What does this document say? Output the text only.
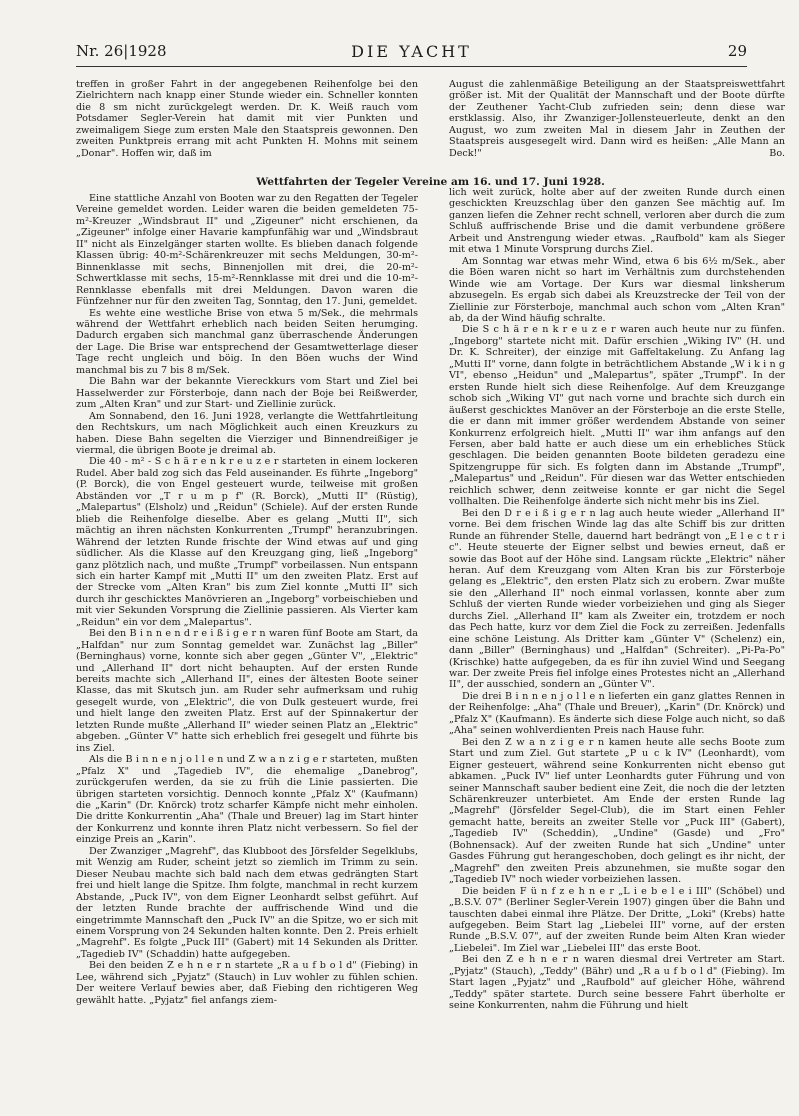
Nr. 26|1928	DIE YACHT	29

treffen in großer Fahrt in der angegebenen Reihenfolge bei den Zielrichtern nach knapp einer Stunde wieder ein. Schneller konnten die 8 sm nicht zurückgelegt werden. Dr. K. Weiß rauch vom Potsdamer Segler-Verein hat damit mit vier Punkten und zweimaligem Siege zum ersten Male den Staatspreis gewonnen. Den zweiten Punktpreis errang mit acht Punkten H. Mohns mit seinem „Donar". Hoffen wir, daß im

August die zahlenmäßige Beteiligung an der Staatspreiswettfahrt größer ist. Mit der Qualität der Mannschaft und der Boote dürfte der Zeuthener Yacht-Club zufrieden sein; denn diese war erstklassig. Also, ihr Zwanziger-Jollensteuerleute, denkt an den August, wo zum zweiten Mal in diesem Jahr in Zeuthen der Staatspreis ausgesegelt wird. Dann wird es heißen: „Alle Mann an Deck!"	Bo.

Wettfahrten der Tegeler Vereine am 16. und 17. Juni 1928.

Eine stattliche Anzahl von Booten war zu den Regatten der Tegeler Vereine gemeldet worden. Leider waren die beiden gemeldeten 75-m²-Kreuzer „Windsbraut II" und „Zigeuner" nicht erschienen, da „Zigeuner" infolge einer Havarie kampfunfähig war und „Windsbraut II" nicht als Einzelgänger starten wollte. Es blieben danach folgende Klassen übrig: 40-m²-Schärenkreuzer mit sechs Meldungen, 30-m²-Binnenklasse mit sechs, Binnenjollen mit drei, die 20-m²-Schwertklasse mit sechs, 15-m²-Rennklasse mit drei und die 10-m²-Rennklasse ebenfalls mit drei Meldungen. Davon waren die Fünfzehner nur für den zweiten Tag, Sonntag, den 17. Juni, gemeldet.

Es wehte eine westliche Brise von etwa 5 m/Sek., die mehrmals während der Wettfahrt erheblich nach beiden Seiten herumging. Dadurch ergaben sich manchmal ganz überraschende Änderungen der Lage. Die Brise war entsprechend der Gesamtwetterlage dieser Tage recht ungleich und böig. In den Böen wuchs der Wind manchmal bis zu 7 bis 8 m/Sek.

Die Bahn war der bekannte Viereckkurs vom Start und Ziel bei Hasselwerder zur Försterboje, dann nach der Boje bei Reißwerder, zum „Alten Kran" und zur Start- und Ziellinie zurück.

Am Sonnabend, den 16. Juni 1928, verlangte die Wettfahrtleitung den Rechtskurs, um nach Möglichkeit auch einen Kreuzkurs zu haben. Diese Bahn segelten die Vierziger und Binnendreißiger je viermal, die übrigen Boote je dreimal ab.

Die 40 - m² - S c h ä r e n k r e u z e r starteten in einem lockeren Rudel. Aber bald zog sich das Feld auseinander. Es führte „Ingeborg" (P. Borck), die von Engel gesteuert wurde, teilweise mit großen Abständen vor „T r u m p f" (R. Borck), „Mutti II" (Rüstig), „Malepartus" (Elsholz) und „Reidun" (Schiele). Auf der ersten Runde blieb die Reihenfolge dieselbe. Aber es gelang „Mutti II", sich mächtig an ihren nächsten Konkurrenten „Trumpf" heranzubringen. Während der letzten Runde frischte der Wind etwas auf und ging südlicher. Als die Klasse auf den Kreuzgang ging, ließ „Ingeborg" ganz plötzlich nach, und mußte „Trumpf" vorbeilassen. Nun entspann sich ein harter Kampf mit „Mutti II" um den zweiten Platz. Erst auf der Strecke vom „Alten Kran" bis zum Ziel konnte „Mutti II" sich durch ihr geschicktes Manövrieren an „Ingeborg" vorbeischieben und mit vier Sekunden Vorsprung die Ziellinie passieren. Als Vierter kam „Reidun" ein vor dem „Malepartus".

Bei den B i n n e n d r e i ß i g e r n waren fünf Boote am Start, da „Halfdan" nur zum Sonntag gemeldet war. Zunächst lag „Biller" (Berninghaus) vorne, konnte sich aber gegen „Günter V", „Elektric" und „Allerhand II" dort nicht behaupten. Auf der ersten Runde bereits machte sich „Allerhand II", eines der ältesten Boote seiner Klasse, das mit Skutsch jun. am Ruder sehr aufmerksam und ruhig gesegelt wurde, von „Elektric", die von Dulk gesteuert wurde, frei und hielt lange den zweiten Platz. Erst auf der Spinnakertur der letzten Runde mußte „Allerhand II" wieder seinen Platz an „Elektric" abgeben. „Günter V" hatte sich erheblich frei gesegelt und führte bis ins Ziel.

Als die B i n n e n j o l l e n und Z w a n z i g e r starteten, mußten „Pfalz X" und „Tagedieb IV", die ehemalige „Danebrog", zurückgerufen werden, da sie zu früh die Linie passierten. Die übrigen starteten vorsichtig. Dennoch konnte „Pfalz X" (Kaufmann) die „Karin" (Dr. Knörck) trotz scharfer Kämpfe nicht mehr einholen. Die dritte Konkurrentin „Aha" (Thale und Breuer) lag im Start hinter der Konkurrenz und konnte ihren Platz nicht verbessern. So fiel der einzige Preis an „Karin".

Der Zwanziger „Magrehf", das Klubboot des Jörsfelder Segelklubs, mit Wenzig am Ruder, scheint jetzt so ziemlich im Trimm zu sein. Dieser Neubau machte sich bald nach dem etwas gedrängten Start frei und hielt lange die Spitze. Ihm folgte, manchmal in recht kurzem Abstande, „Puck IV", von dem Eigner Leonhardt selbst geführt. Auf der letzten Runde brachte der auffrischende Wind und die eingetrimmte Mannschaft den „Puck IV" an die Spitze, wo er sich mit einem Vorsprung von 24 Sekunden halten konnte. Den 2. Preis erhielt „Magrehf". Es folgte „Puck III" (Gabert) mit 14 Sekunden als Dritter. „Tagedieb IV" (Schaddin) hatte aufgegeben.

Bei den beiden Z e h n e r n startete „R a u f b o l d" (Fiebing) in Lee, während sich „Pyjatz" (Stauch) in Luv wohler zu fühlen schien. Der weitere Verlauf bewies aber, daß Fiebing den richtigeren Weg gewählt hatte. „Pyjatz" fiel anfangs ziem-

lich weit zurück, holte aber auf der zweiten Runde durch einen geschickten Kreuzschlag über den ganzen See mächtig auf. Im ganzen liefen die Zehner recht schnell, verloren aber durch die zum Schluß auffrischende Brise und die damit verbundene größere Arbeit und Anstrengung wieder etwas. „Raufbold" kam als Sieger mit etwa 1 Minute Vorsprung durchs Ziel.

Am Sonntag war etwas mehr Wind, etwa 6 bis 6½ m/Sek., aber die Böen waren nicht so hart im Verhältnis zum durchstehenden Winde wie am Vortage. Der Kurs war diesmal linksherum abzusegeln. Es ergab sich dabei als Kreuzstrecke der Teil von der Ziellinie zur Försterboje, manchmal auch schon vom „Alten Kran" ab, da der Wind häufig schralte.

Die S c h ä r e n k r e u z e r waren auch heute nur zu fünfen. „Ingeborg" startete nicht mit. Dafür erschien „Wiking IV" (H. und Dr. K. Schreiter), der einzige mit Gaffeltakelung. Zu Anfang lag „Mutti II" vorne, dann folgte in beträchtlichem Abstande „W i k i n g VI", ebenso „Heidun" und „Malepartus", später „Trumpf". In der ersten Runde hielt sich diese Reihenfolge. Auf dem Kreuzgange schob sich „Wiking VI" gut nach vorne und brachte sich durch ein äußerst geschicktes Manöver an der Försterboje an die erste Stelle, die er dann mit immer größer werdendem Abstande von seiner Konkurrenz erfolgreich hielt. „Mutti II" war ihm anfangs auf den Fersen, aber bald hatte er auch diese um ein erhebliches Stück geschlagen. Die beiden genannten Boote bildeten geradezu eine Spitzengruppe für sich. Es folgten dann im Abstande „Trumpf", „Malepartus" und „Reidun". Für diesen war das Wetter entschieden reichlich schwer, denn zeitweise konnte er gar nicht die Segel vollhalten. Die Reihenfolge änderte sich nicht mehr bis ins Ziel.

Bei den D r e i ß i g e r n lag auch heute wieder „Allerhand II" vorne. Bei dem frischen Winde lag das alte Schiff bis zur dritten Runde an führender Stelle, dauernd hart bedrängt von „E l e c t r i c". Heute steuerte der Eigner selbst und bewies erneut, daß er sowie das Boot auf der Höhe sind. Langsam rückte „Elektric" näher heran. Auf dem Kreuzgang vom Alten Kran bis zur Försterboje gelang es „Elektric", den ersten Platz sich zu erobern. Zwar mußte sie den „Allerhand II" noch einmal vorlassen, konnte aber zum Schluß der vierten Runde wieder vorbeiziehen und ging als Sieger durchs Ziel. „Allerhand II" kam als Zweiter ein, trotzdem er noch das Pech hatte, kurz vor dem Ziel die Fock zu zerreißen. Jedenfalls eine schöne Leistung. Als Dritter kam „Günter V" (Schelenz) ein, dann „Biller" (Berninghaus) und „Halfdan" (Schreiter). „Pi-Pa-Po" (Krischke) hatte aufgegeben, da es für ihn zuviel Wind und Seegang war. Der zweite Preis fiel infolge eines Protestes nicht an „Allerhand II", der ausschied, sondern an „Günter V".

Die drei B i n n e n j o l l e n lieferten ein ganz glattes Rennen in der Reihenfolge: „Aha" (Thale und Breuer), „Karin" (Dr. Knörck) und „Pfalz X" (Kaufmann). Es änderte sich diese Folge auch nicht, so daß „Aha" seinen wohlverdienten Preis nach Hause fuhr.

Bei den Z w a n z i g e r n kamen heute alle sechs Boote zum Start und zum Ziel. Gut startete „P u c k IV" (Leonhardt), vom Eigner gesteuert, während seine Konkurrenten nicht ebenso gut abkamen. „Puck IV" lief unter Leonhardts guter Führung und von seiner Mannschaft sauber bedient eine Zeit, die noch die der letzten Schärenkreuzer unterbietet. Am Ende der ersten Runde lag „Magrehf" (Jörsfelder Segel-Club), die im Start einen Fehler gemacht hatte, bereits an zweiter Stelle vor „Puck III" (Gabert), „Tagedieb IV" (Scheddin), „Undine" (Gasde) und „Fro" (Bohnensack). Auf der zweiten Runde hat sich „Undine" unter Gasdes Führung gut herangeschoben, doch gelingt es ihr nicht, der „Magrehf" den zweiten Preis abzunehmen, sie mußte sogar den „Tagedieb IV" noch wieder vorbeiziehen lassen.

Die beiden F ü n f z e h n e r „L i e b e l e i III" (Schöbel) und „B.S.V. 07" (Berliner Segler-Verein 1907) gingen über die Bahn und tauschten dabei einmal ihre Plätze. Der Dritte, „Loki" (Krebs) hatte aufgegeben. Beim Start lag „Liebelei III" vorne, auf der ersten Runde „B.S.V. 07", auf der zweiten Runde beim Alten Kran wieder „Liebelei". Im Ziel war „Liebelei III" das erste Boot.

Bei den Z e h n e r n waren diesmal drei Vertreter am Start. „Pyjatz" (Stauch), „Teddy" (Bähr) und „R a u f b o l d" (Fiebing). Im Start lagen „Pyjatz" und „Raufbold" auf gleicher Höhe, während „Teddy" später startete. Durch seine bessere Fahrt überholte er seine Konkurrenten, nahm die Führung und hielt
